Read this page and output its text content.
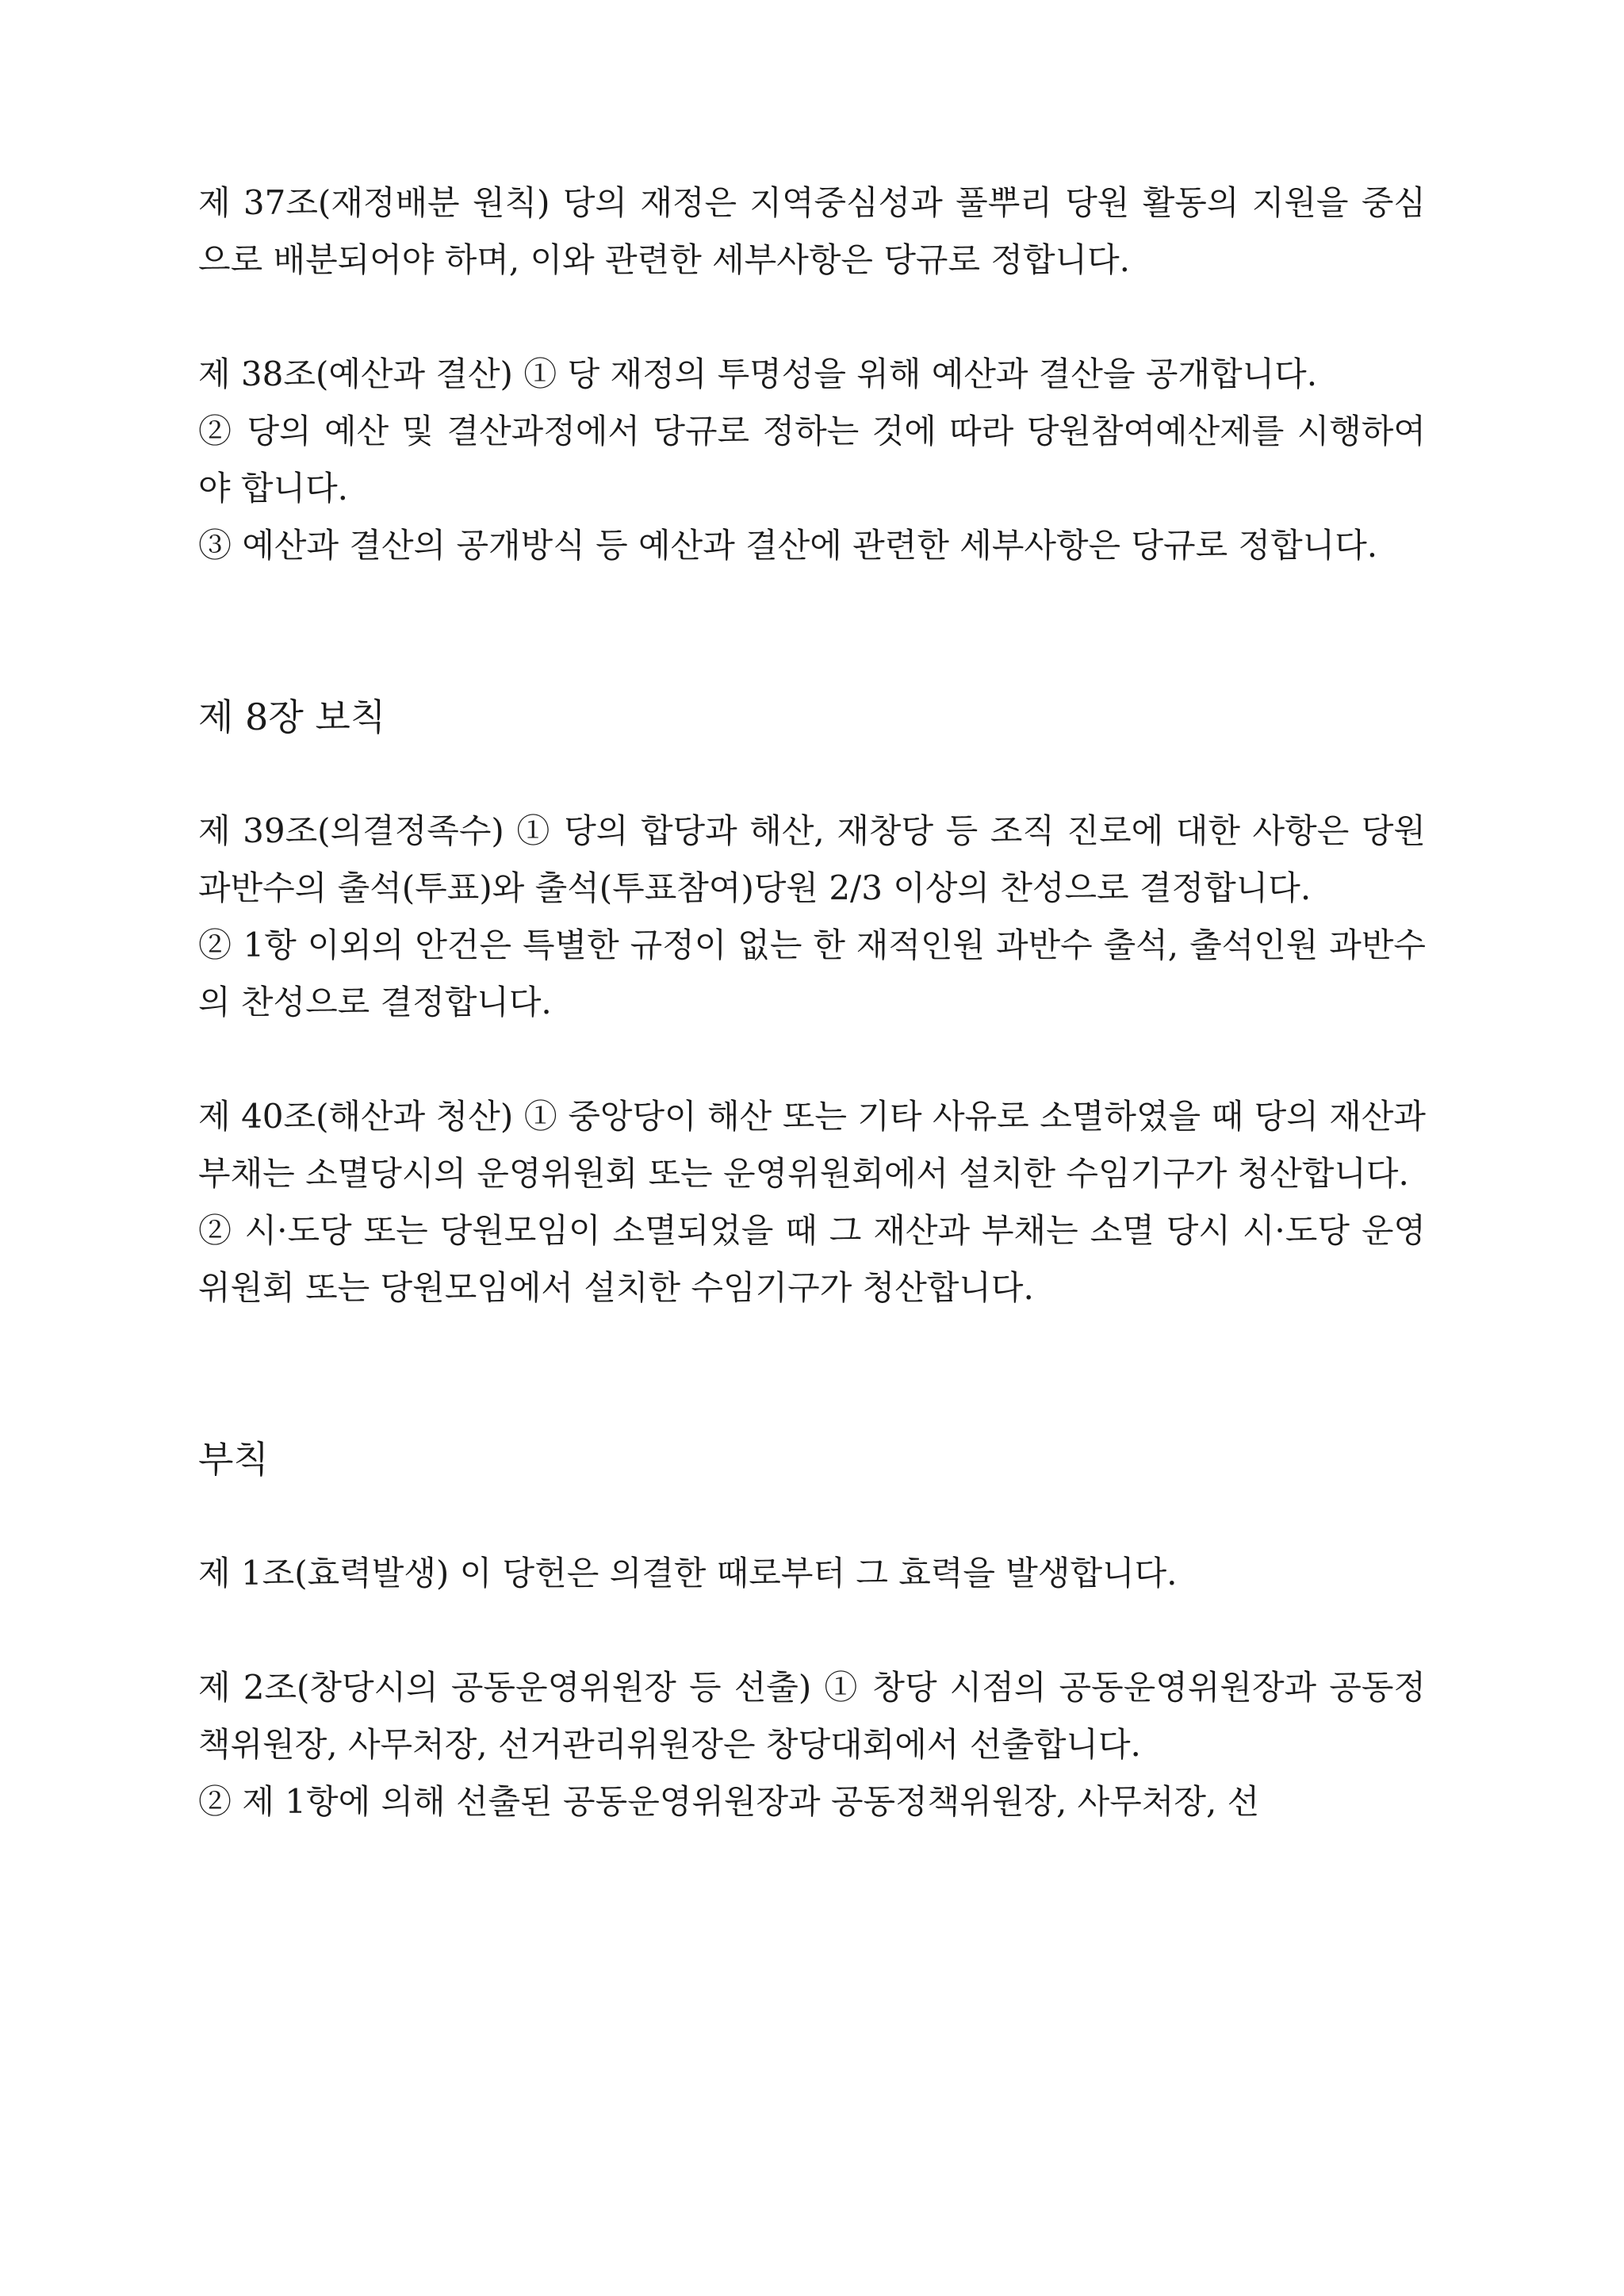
제 37조(재정배분 원칙) 당의 재정은 지역중심성과 풀뿌리 당원 활동의 지원을 중심으로 배분되어야 하며, 이와 관련한 세부사항은 당규로 정합니다.

제 38조(예산과 결산) ① 당 재정의 투명성을 위해 예산과 결산을 공개합니다.

② 당의 예산 및 결산과정에서 당규로 정하는 것에 따라 당원참여예산제를 시행하여야 합니다.

③ 예산과 결산의 공개방식 등 예산과 결산에 관련한 세부사항은 당규로 정합니다.

제 8장 보칙

제 39조(의결정족수) ① 당의 합당과 해산, 재창당 등 조직 진로에 대한 사항은 당원 과반수의 출석(투표)와 출석(투표참여)당원 2/3 이상의 찬성으로 결정합니다.

② 1항 이외의 안건은 특별한 규정이 없는 한 재적인원 과반수 출석, 출석인원 과반수의 찬성으로 결정합니다.

제 40조(해산과 청산) ① 중앙당이 해산 또는 기타 사유로 소멸하였을 때 당의 재산과 부채는 소멸당시의 운영위원회 또는 운영위원회에서 설치한 수임기구가 청산합니다.

② 시·도당 또는 당원모임이 소멸되었을 때 그 재산과 부채는 소멸 당시 시·도당 운영위원회 또는 당원모임에서 설치한 수임기구가 청산합니다.

부칙

제 1조(효력발생) 이 당헌은 의결한 때로부터 그 효력을 발생합니다.

제 2조(창당시의 공동운영위원장 등 선출) ① 창당 시점의 공동운영위원장과 공동정책위원장, 사무처장, 선거관리위원장은 창당대회에서 선출합니다.

② 제 1항에 의해 선출된 공동운영위원장과 공동정책위원장, 사무처장, 선
